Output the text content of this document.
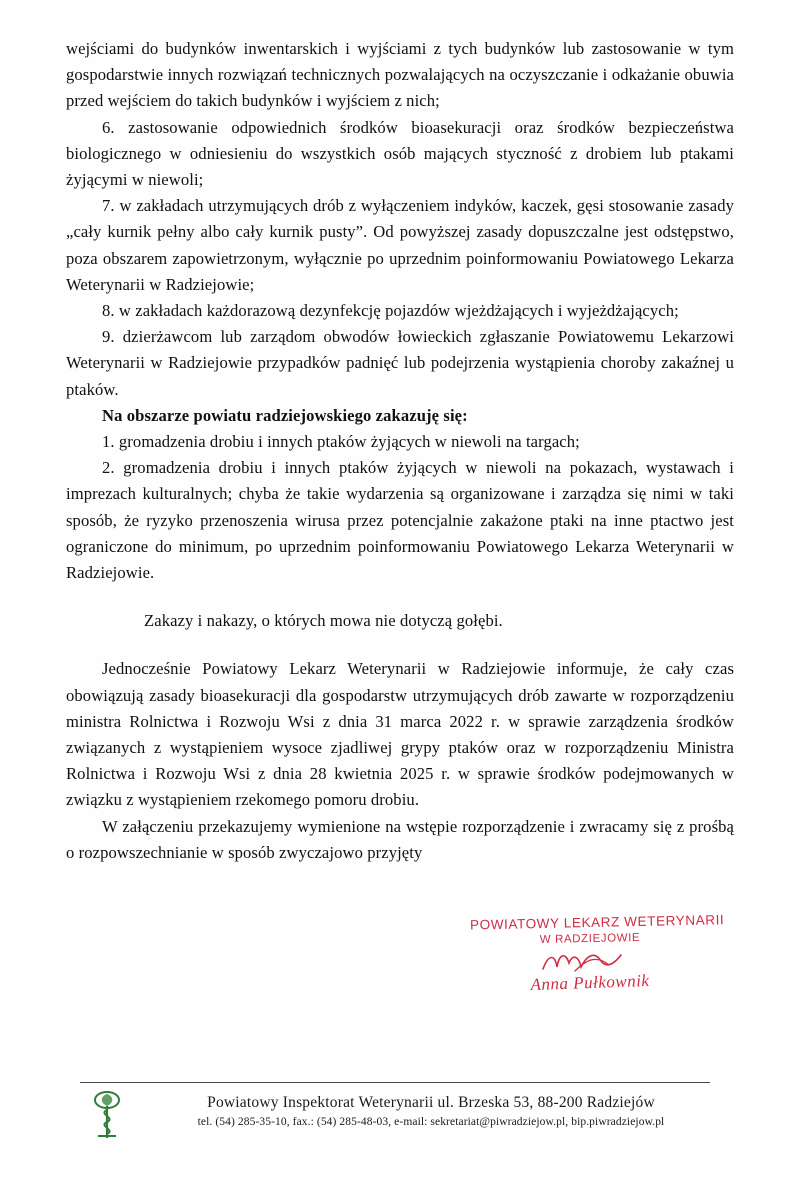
wejściami do budynków inwentarskich i wyjściami z tych budynków lub zastosowanie w tym gospodarstwie innych rozwiązań technicznych pozwalających na oczyszczanie i odkażanie obuwia przed wejściem do takich budynków i wyjściem z nich;

6. zastosowanie odpowiednich środków bioasekuracji oraz środków bezpieczeństwa biologicznego w odniesieniu do wszystkich osób mających styczność z drobiem lub ptakami żyjącymi w niewoli;

7. w zakładach utrzymujących drób z wyłączeniem indyków, kaczek, gęsi stosowanie zasady „cały kurnik pełny albo cały kurnik pusty”. Od powyższej zasady dopuszczalne jest odstępstwo, poza obszarem zapowietrzonym, wyłącznie po uprzednim poinformowaniu Powiatowego Lekarza Weterynarii w Radziejowie;

8. w zakładach każdorazową dezynfekcję pojazdów wjeżdżających i wyjeżdżających;

9. dzierżawcom lub zarządom obwodów łowieckich zgłaszanie Powiatowemu Lekarzowi Weterynarii w Radziejowie przypadków padnięć lub podejrzenia wystąpienia choroby zakaźnej u ptaków.

Na obszarze powiatu radziejowskiego zakazuję się:

1. gromadzenia drobiu i innych ptaków żyjących w niewoli na targach;

2. gromadzenia drobiu i innych ptaków żyjących w niewoli na pokazach, wystawach i imprezach kulturalnych; chyba że takie wydarzenia są organizowane i zarządza się nimi w taki sposób, że ryzyko przenoszenia wirusa przez potencjalnie zakażone ptaki na inne ptactwo jest ograniczone do minimum, po uprzednim poinformowaniu Powiatowego Lekarza Weterynarii w Radziejowie.

Zakazy i nakazy, o których mowa nie dotyczą gołębi.

Jednocześnie Powiatowy Lekarz Weterynarii w Radziejowie informuje, że cały czas obowiązują zasady bioasekuracji dla gospodarstw utrzymujących drób zawarte w rozporządzeniu ministra Rolnictwa i Rozwoju Wsi z dnia 31 marca 2022 r. w sprawie zarządzenia środków związanych z wystąpieniem wysoce zjadliwej grypy ptaków oraz w rozporządzeniu Ministra Rolnictwa i Rozwoju Wsi z dnia 28 kwietnia 2025 r. w sprawie środków podejmowanych w związku z wystąpieniem rzekomego pomoru drobiu.

W załączeniu przekazujemy wymienione na wstępie rozporządzenie i zwracamy się z prośbą o rozpowszechnianie w sposób zwyczajowo przyjęty

POWIATOWY LEKARZ WETERYNARII
W RADZIEJOWIE
Anna Pułkownik
Powiatowy Inspektorat Weterynarii ul. Brzeska 53, 88-200 Radziejów
tel. (54) 285-35-10, fax.: (54) 285-48-03, e-mail: sekretariat@piwradziejow.pl, bip.piwradziejow.pl
